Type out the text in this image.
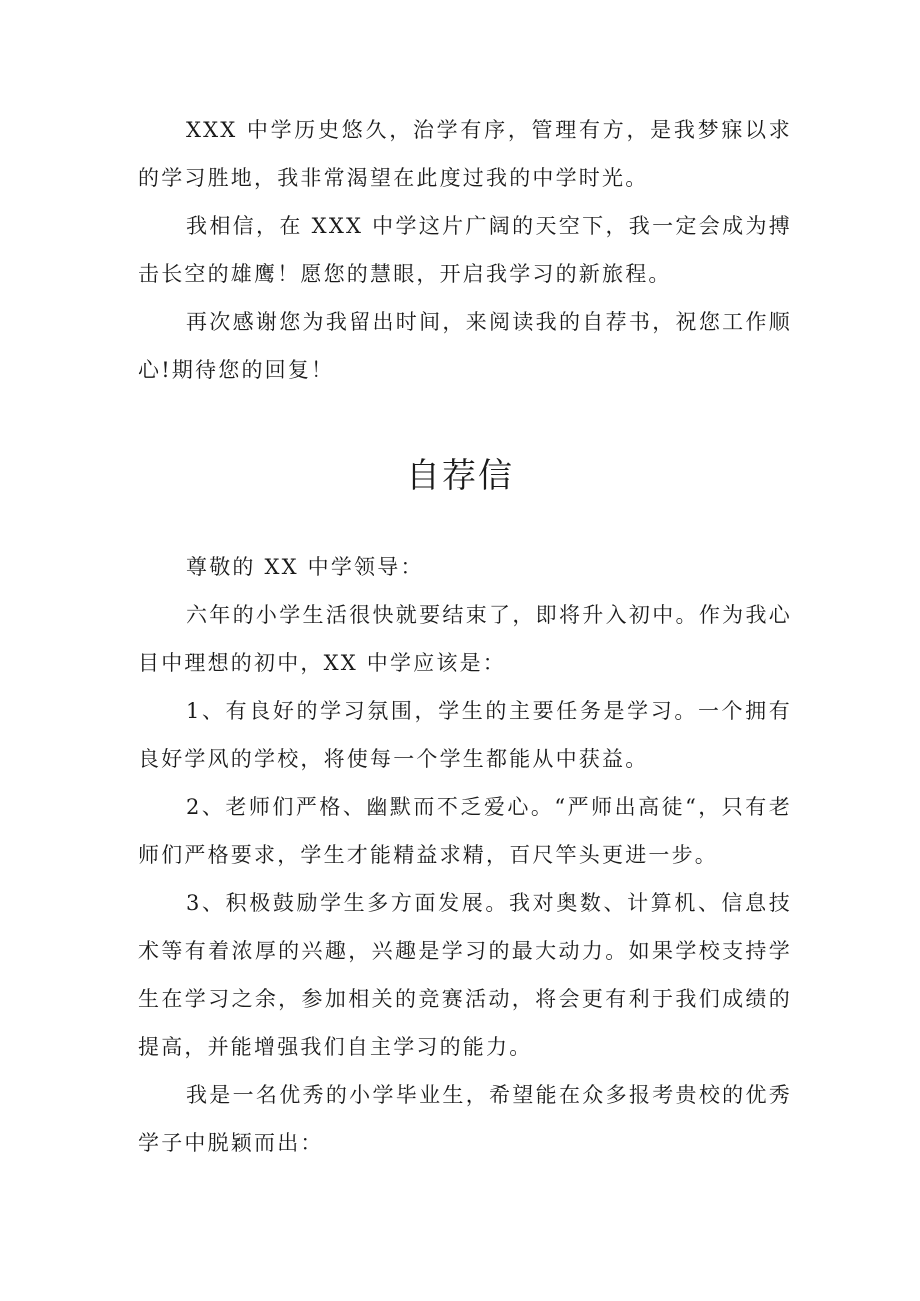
XXX 中学历史悠久，治学有序，管理有方，是我梦寐以求的学习胜地，我非常渴望在此度过我的中学时光。

我相信，在 XXX 中学这片广阔的天空下，我一定会成为搏击长空的雄鹰！愿您的慧眼，开启我学习的新旅程。

再次感谢您为我留出时间，来阅读我的自荐书，祝您工作顺心!期待您的回复！

自荐信

尊敬的 XX 中学领导：

六年的小学生活很快就要结束了，即将升入初中。作为我心目中理想的初中，XX 中学应该是：

1、有良好的学习氛围，学生的主要任务是学习。一个拥有良好学风的学校，将使每一个学生都能从中获益。

2、老师们严格、幽默而不乏爱心。“严师出高徒“，只有老师们严格要求，学生才能精益求精，百尺竿头更进一步。

3、积极鼓励学生多方面发展。我对奥数、计算机、信息技术等有着浓厚的兴趣，兴趣是学习的最大动力。如果学校支持学生在学习之余，参加相关的竞赛活动，将会更有利于我们成绩的提高，并能增强我们自主学习的能力。

我是一名优秀的小学毕业生，希望能在众多报考贵校的优秀学子中脱颖而出：
